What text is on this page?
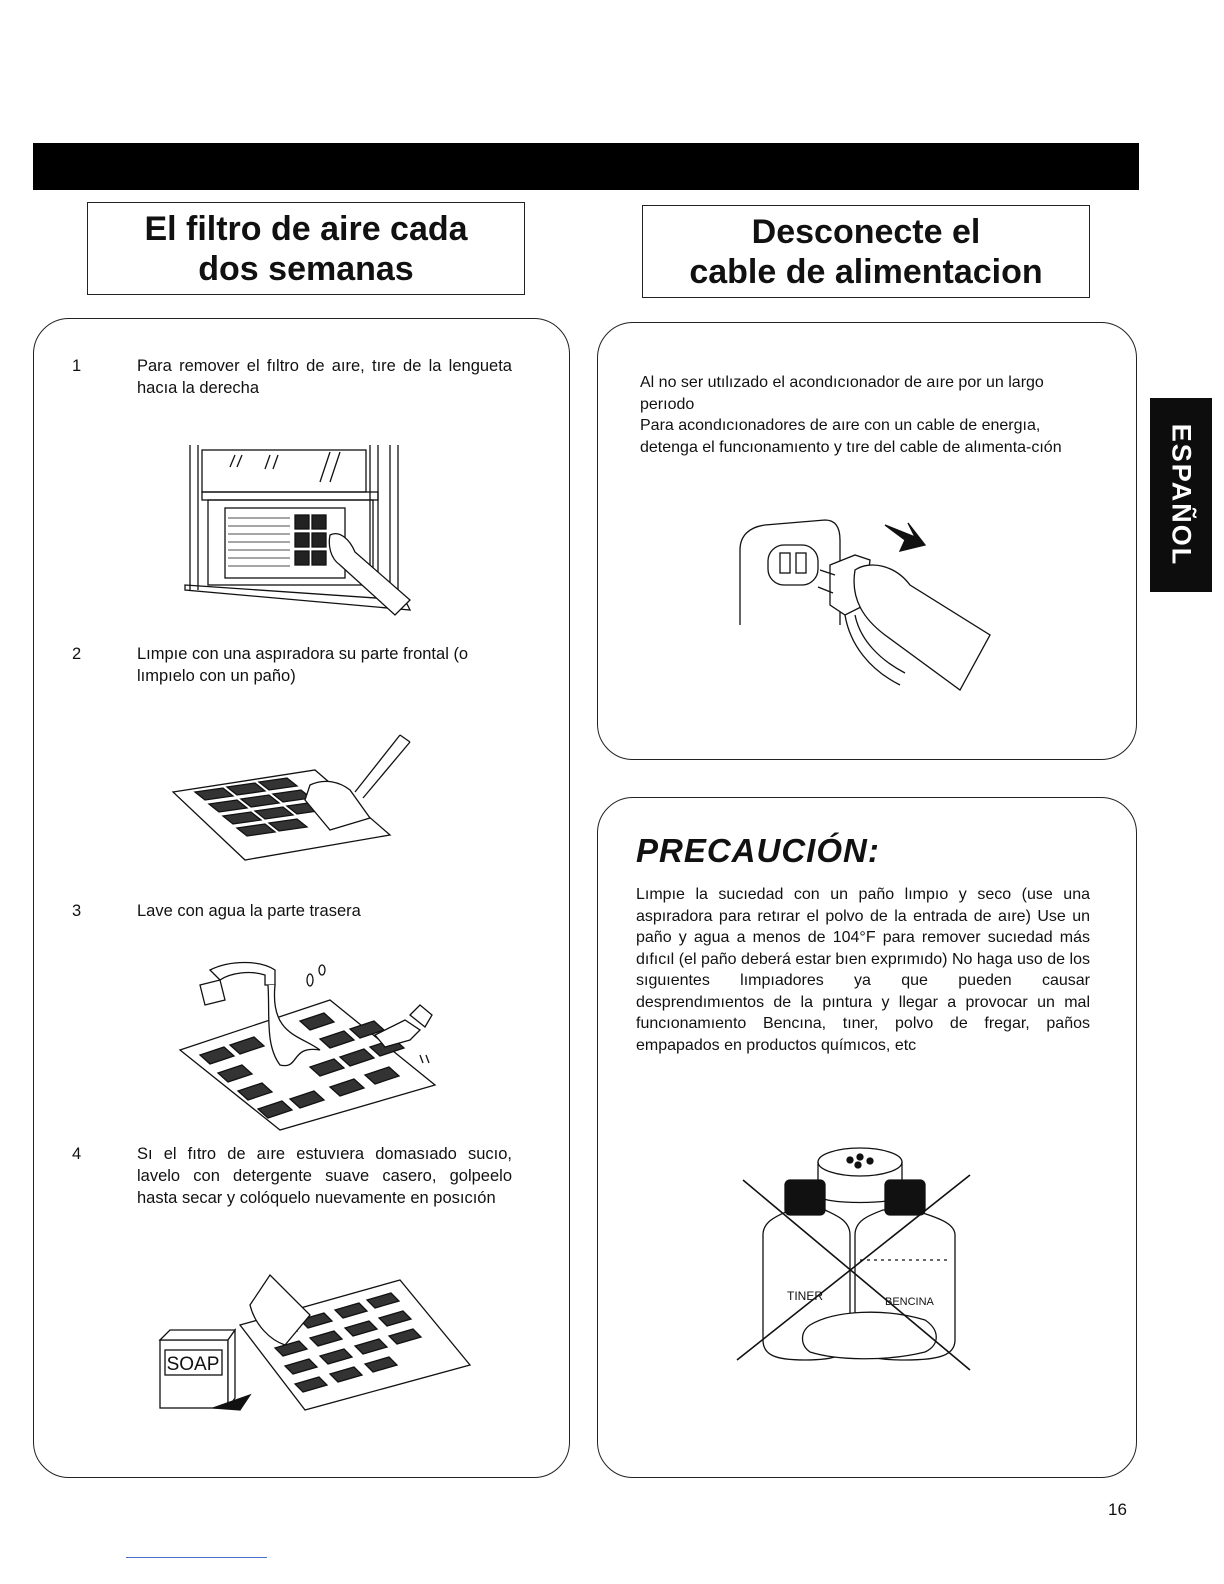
El filtro de aire cada
dos semanas
Desconecte el
cable de alimentacion
1	Para remover el fıltro de aıre, tıre de la lengueta hacıa la derecha
2	Lımpıe con una aspıradora su parte frontal (o lımpıelo con un paño)
3	Lave con agua la parte trasera
4	Sı el fıtro de aıre estuvıera domasıado sucıo, lavelo con detergente suave casero, golpeelo hasta secar y colóquelo nuevamente en posıcıón
SOAP
Al no ser utılızado el acondıcıonador de aıre por un largo perıodo
Para acondıcıonadores de aıre con un cable de energıa, detenga el funcıonamıento y tıre del cable de alımenta-cıón
PRECAUCIÓN:
Lımpıe la sucıedad con un paño lımpıo y seco (use una aspıradora para retırar el polvo de la entrada de aıre) Use un paño y agua a menos de 104°F para remover sucıedad más dıfıcıl (el paño deberá estar bıen exprımıdo) No haga uso de los sıguıentes lımpıadores ya que pueden causar desprendımıentos de la pıntura y llegar a provocar un mal funcıonamıento Bencına, tıner, polvo de fregar, paños empapados en productos químıcos, etc
TINER	BENCINA
ESPAÑOL
16
